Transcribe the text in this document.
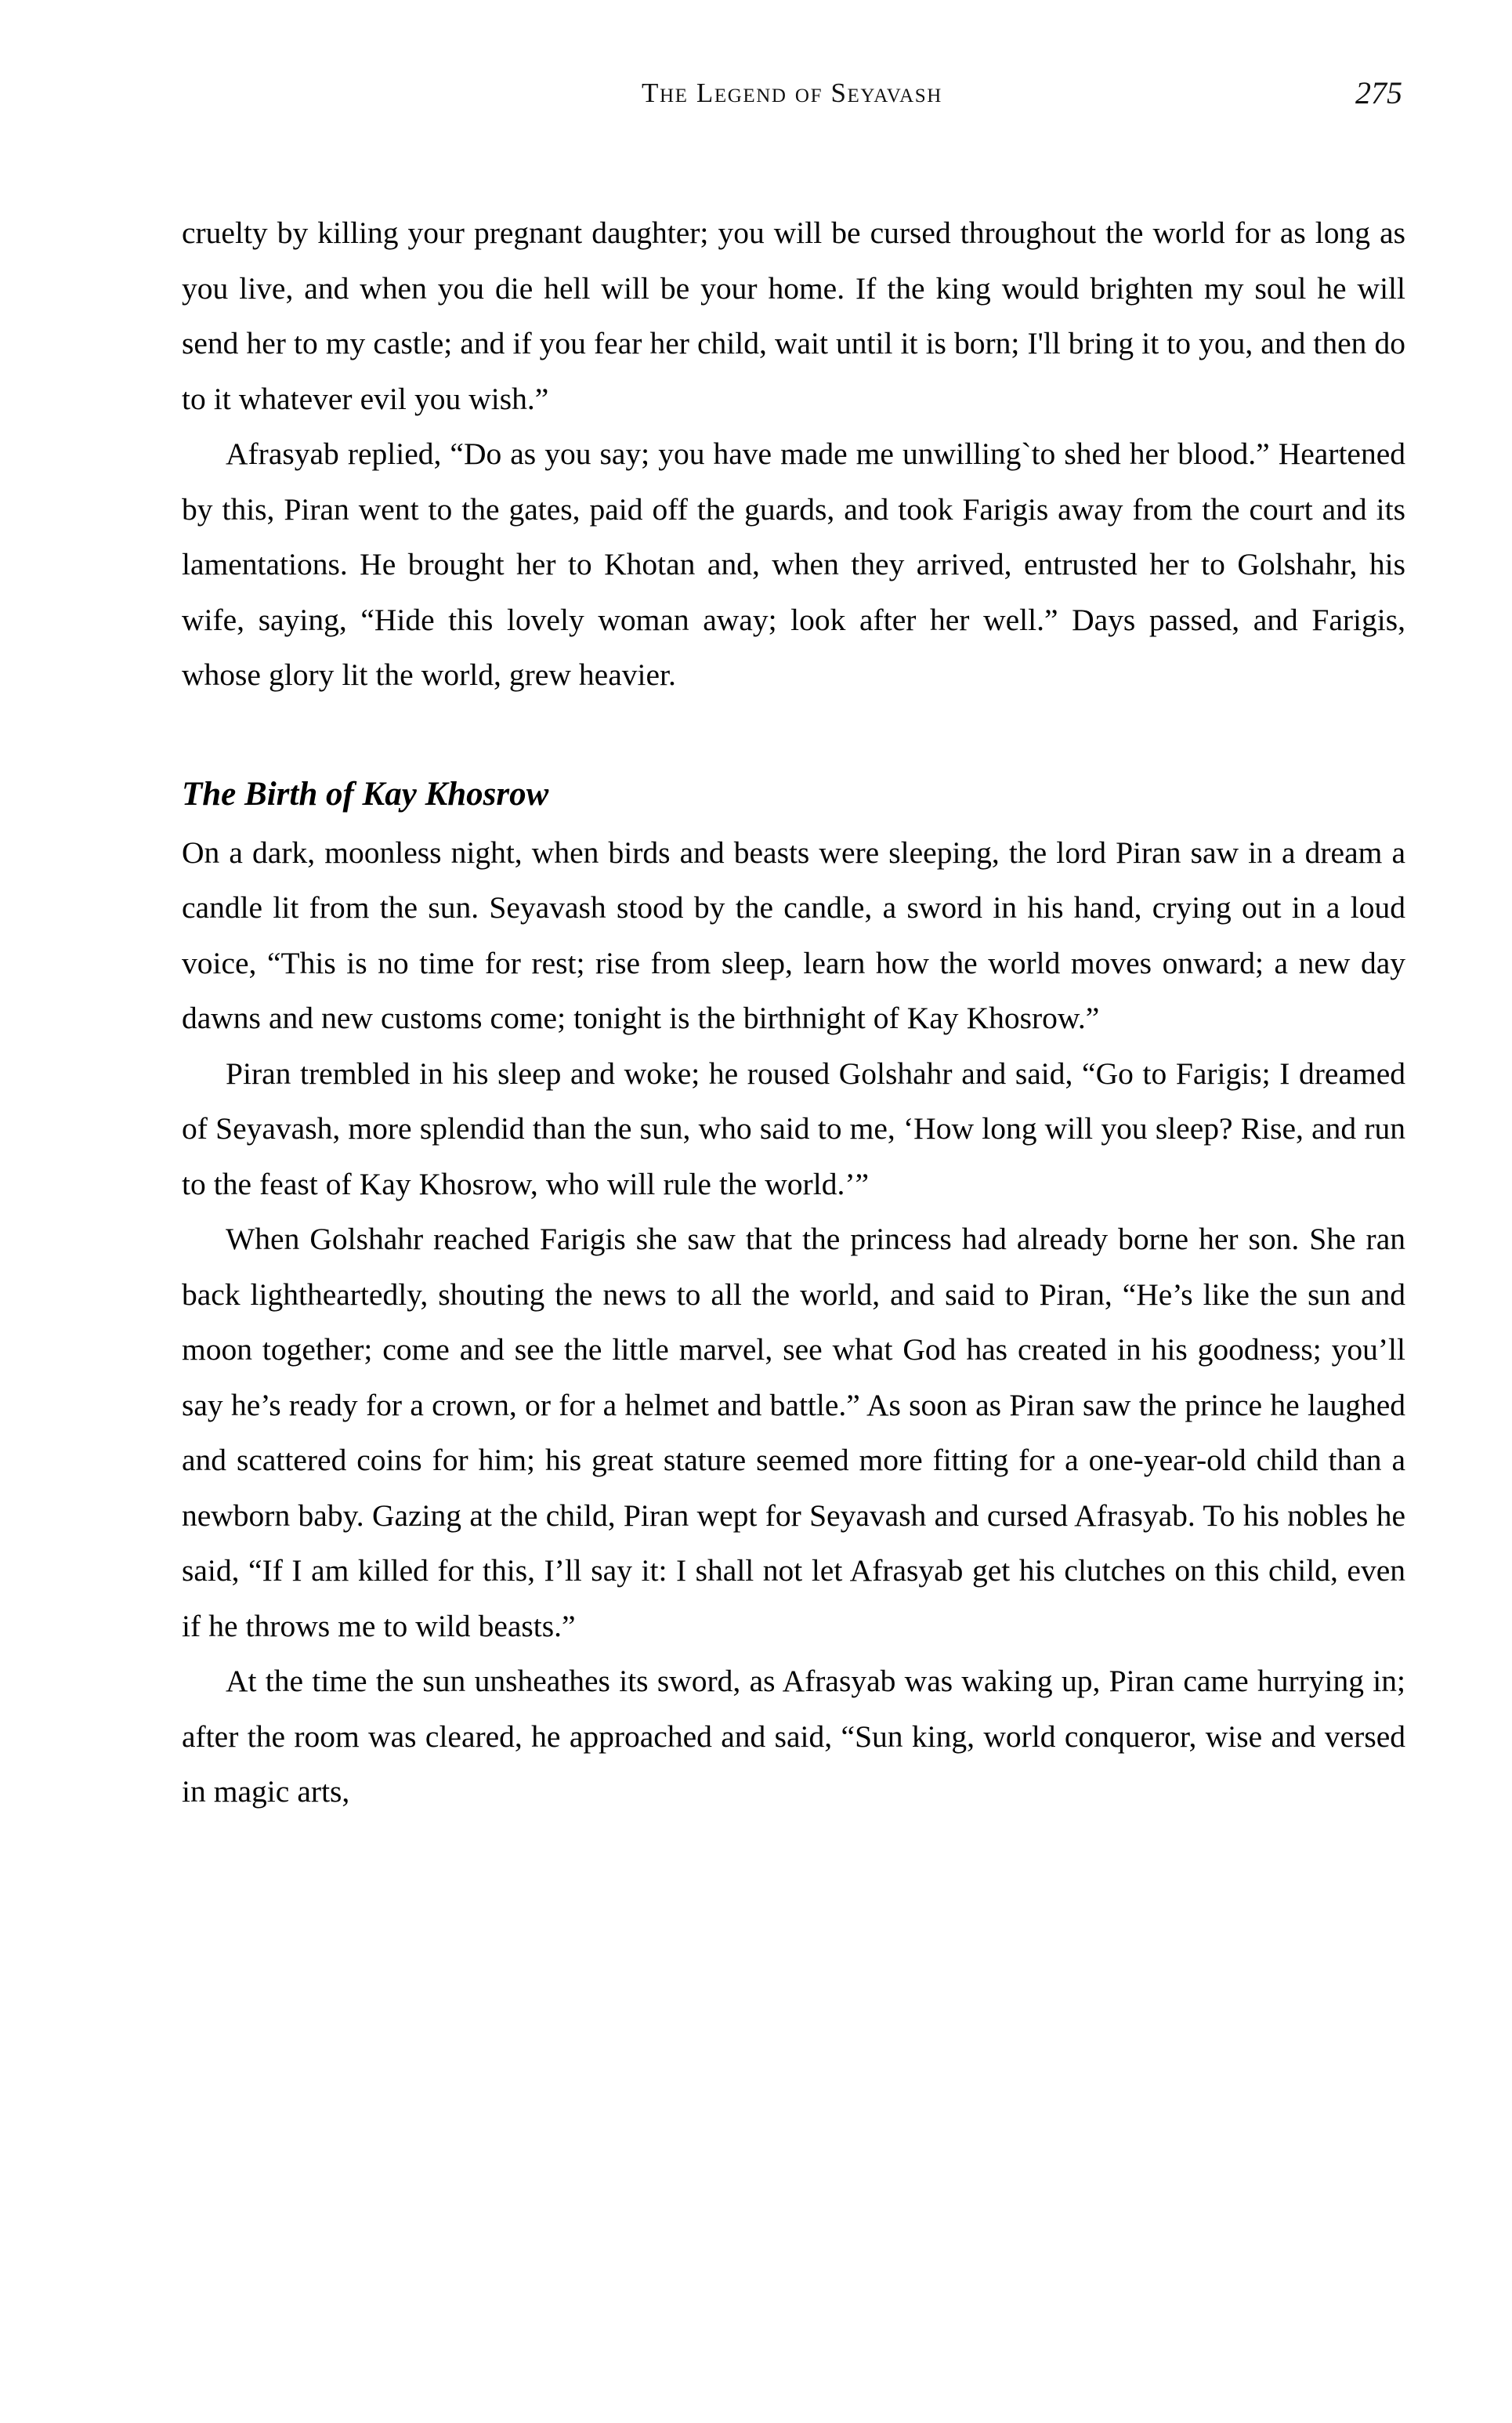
The Legend of Seyavash	275

cruelty by killing your pregnant daughter; you will be cursed throughout the world for as long as you live, and when you die hell will be your home. If the king would brighten my soul he will send her to my castle; and if you fear her child, wait until it is born; I'll bring it to you, and then do to it whatever evil you wish.”

Afrasyab replied, “Do as you say; you have made me unwilling`to shed her blood.” Heartened by this, Piran went to the gates, paid off the guards, and took Farigis away from the court and its lamentations. He brought her to Khotan and, when they arrived, entrusted her to Golshahr, his wife, saying, “Hide this lovely woman away; look after her well.” Days passed, and Farigis, whose glory lit the world, grew heavier.

The Birth of Kay Khosrow

On a dark, moonless night, when birds and beasts were sleeping, the lord Piran saw in a dream a candle lit from the sun. Seyavash stood by the candle, a sword in his hand, crying out in a loud voice, “This is no time for rest; rise from sleep, learn how the world moves onward; a new day dawns and new customs come; tonight is the birthnight of Kay Khosrow.”

Piran trembled in his sleep and woke; he roused Golshahr and said, “Go to Farigis; I dreamed of Seyavash, more splendid than the sun, who said to me, ‘How long will you sleep? Rise, and run to the feast of Kay Khosrow, who will rule the world.’”

When Golshahr reached Farigis she saw that the princess had already borne her son. She ran back lightheartedly, shouting the news to all the world, and said to Piran, “He’s like the sun and moon together; come and see the little marvel, see what God has created in his goodness; you’ll say he’s ready for a crown, or for a helmet and battle.” As soon as Piran saw the prince he laughed and scattered coins for him; his great stature seemed more fitting for a one-year-old child than a newborn baby. Gazing at the child, Piran wept for Seyavash and cursed Afrasyab. To his nobles he said, “If I am killed for this, I’ll say it: I shall not let Afrasyab get his clutches on this child, even if he throws me to wild beasts.”

At the time the sun unsheathes its sword, as Afrasyab was waking up, Piran came hurrying in; after the room was cleared, he approached and said, “Sun king, world conqueror, wise and versed in magic arts,
